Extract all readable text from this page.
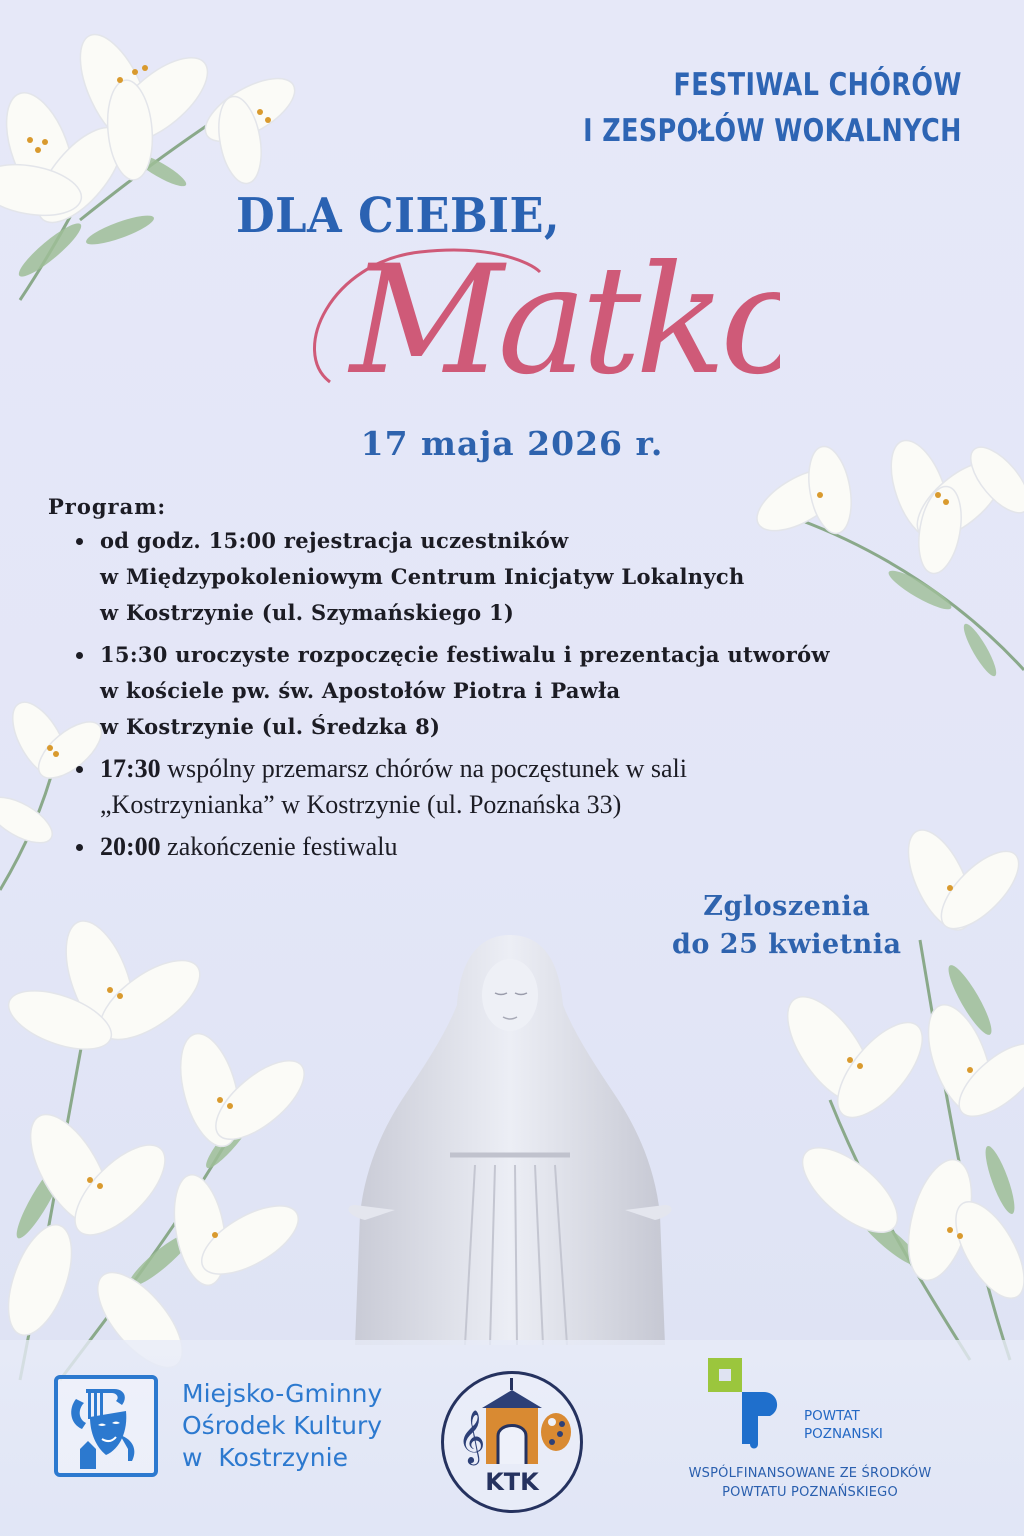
FESTIWAL CHÓRÓW
I ZESPOŁÓW WOKALNYCH
DLA CIEBIE,
Matko
17 maja 2026 r.
Program:
od godz. 15:00 rejestracja uczestników
w Międzypokoleniowym Centrum Inicjatyw Lokalnych
w Kostrzynie (ul. Szymańskiego 1)
15:30 uroczyste rozpoczęcie festiwalu i prezentacja utworów
w kościele pw. św. Apostołów Piotra i Pawła
w Kostrzynie (ul. Średzka 8)
17:30 wspólny przemarsz chórów na poczęstunek w sali
„Kostrzynianka” w Kostrzynie (ul. Poznańska 33)
20:00 zakończenie festiwalu
Zgloszenia
do 25 kwietnia
Miejsko-Gminny
Ośrodek Kultury
w  Kostrzynie	𝄞
KTK
POWTAT
POZNANSKI
WSPÓLFINANSOWANE ZE ŚRODKÓW
POWTATU POZNAŃSKIEGO
